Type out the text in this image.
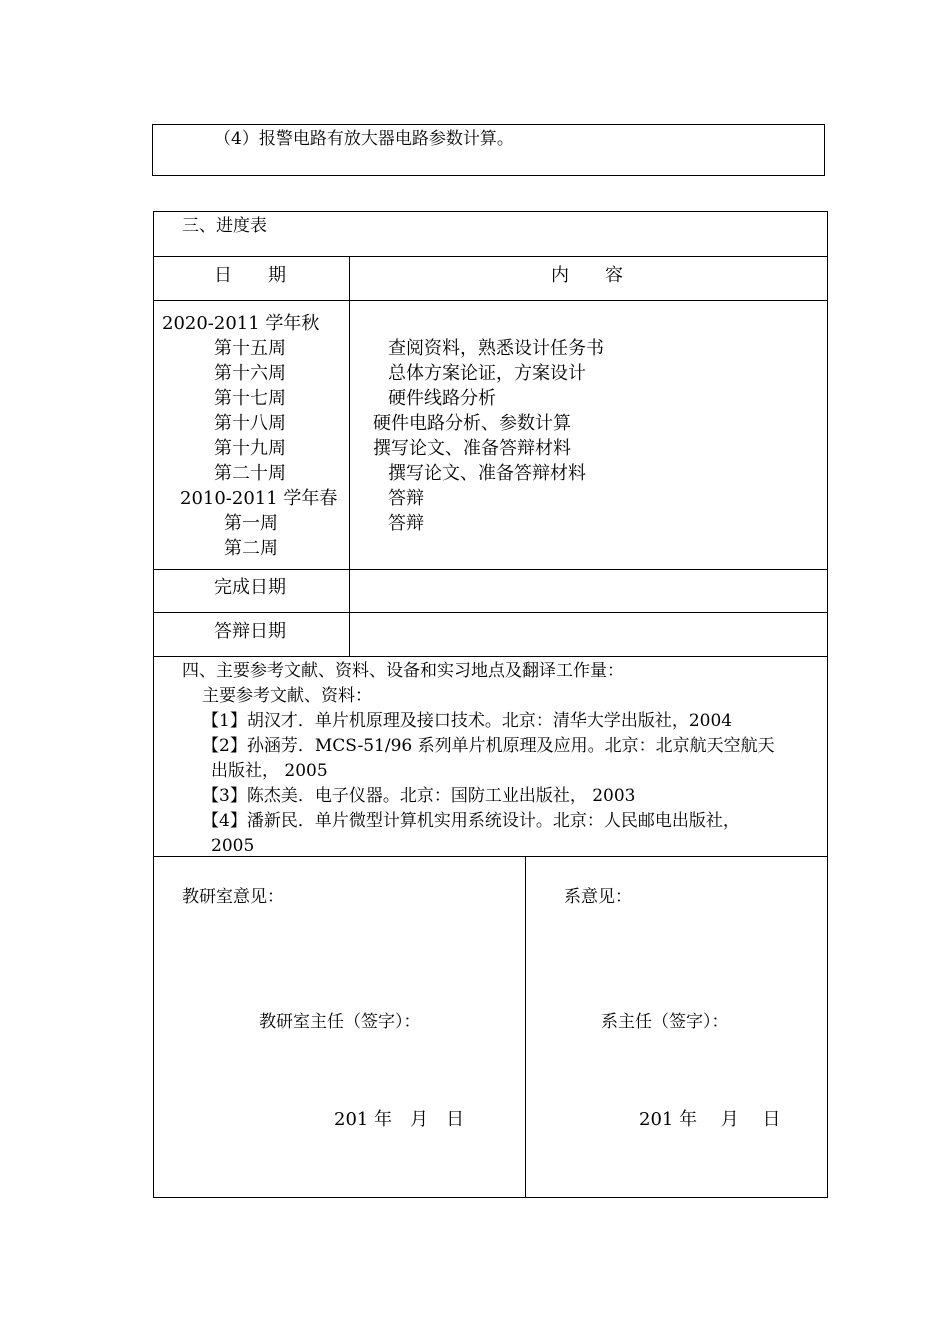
（4）报警电路有放大器电路参数计算。
三、进度表
日　　期	内　　容
2020-2011 学年秋
第十五周
第十六周
第十七周
第十八周
第十九周
第二十周
2010-2011 学年春
第一周
第二周
查阅资料，熟悉设计任务书
总体方案论证，方案设计
硬件线路分析
硬件电路分析、参数计算
撰写论文、准备答辩材料
撰写论文、准备答辩材料
答辩
答辩
完成日期
答辩日期
四、主要参考文献、资料、设备和实习地点及翻译工作量：
主要参考文献、资料：
【1】胡汉才．单片机原理及接口技术。北京：清华大学出版社，2004
【2】孙涵芳．MCS-51/96 系列单片机原理及应用。北京：北京航天空航天
出版社， 2005
【3】陈杰美．电子仪器。北京：国防工业出版社， 2003
【4】潘新民．单片微型计算机实用系统设计。北京：人民邮电出版社，
2005
教研室意见：
教研室主任（签字）：
201 年　月　日
系意见：
系主任（签字）：
201 年　 月　 日
